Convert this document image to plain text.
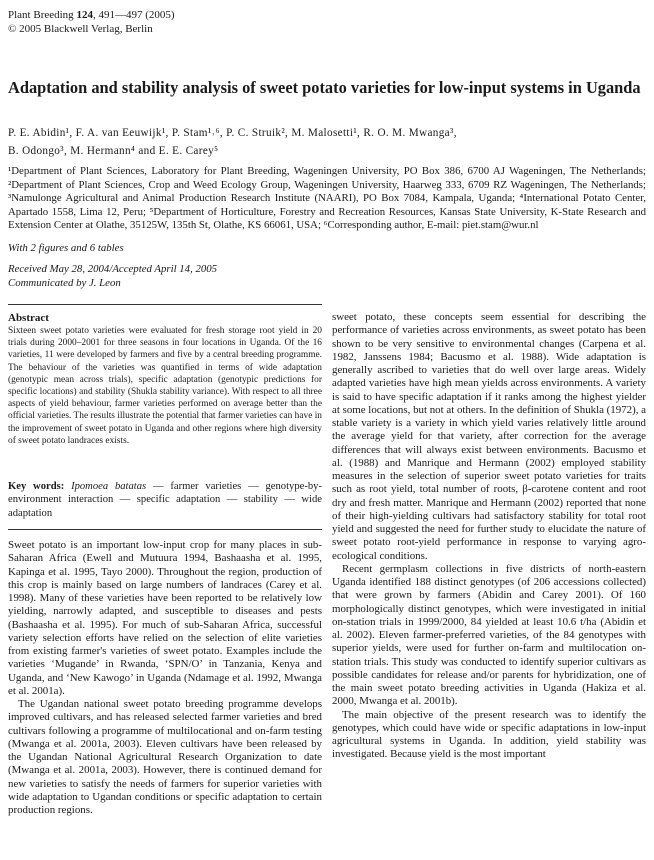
Plant Breeding 124, 491—497 (2005)
© 2005 Blackwell Verlag, Berlin
Adaptation and stability analysis of sweet potato varieties for low-input systems in Uganda
P. E. Abidin¹, F. A. van Eeuwijk¹, P. Stam¹˒⁶, P. C. Struik², M. Malosetti¹, R. O. M. Mwanga³,
B. Odongo³, M. Hermann⁴ and E. E. Carey⁵
¹Department of Plant Sciences, Laboratory for Plant Breeding, Wageningen University, PO Box 386, 6700 AJ Wageningen, The Netherlands; ²Department of Plant Sciences, Crop and Weed Ecology Group, Wageningen University, Haarweg 333, 6709 RZ Wageningen, The Netherlands; ³Namulonge Agricultural and Animal Production Research Institute (NAARI), PO Box 7084, Kampala, Uganda; ⁴International Potato Center, Apartado 1558, Lima 12, Peru; ⁵Department of Horticulture, Forestry and Recreation Resources, Kansas State University, K-State Research and Extension Center at Olathe, 35125W, 135th St, Olathe, KS 66061, USA; ⁶Corresponding author, E-mail: piet.stam@wur.nl
With 2 figures and 6 tables
Received May 28, 2004/Accepted April 14, 2005
Communicated by J. Leon
Abstract
Sixteen sweet potato varieties were evaluated for fresh storage root yield in 20 trials during 2000–2001 for three seasons in four locations in Uganda. Of the 16 varieties, 11 were developed by farmers and five by a central breeding programme. The behaviour of the varieties was quantified in terms of wide adaptation (genotypic mean across trials), specific adaptation (genotypic predictions for specific locations) and stability (Shukla stability variance). With respect to all three aspects of yield behaviour, farmer varieties performed on average better than the official varieties. The results illustrate the potential that farmer varieties can have in the improvement of sweet potato in Uganda and other regions where high diversity of sweet potato landraces exists.
Key words: Ipomoea batatas — farmer varieties — genotype-by-environment interaction — specific adaptation — stability — wide adaptation

Sweet potato is an important low-input crop for many places in sub-Saharan Africa (Ewell and Mutuura 1994, Bashaasha et al. 1995, Kapinga et al. 1995, Tayo 2000). Throughout the region, production of this crop is mainly based on large numbers of landraces (Carey et al. 1998). Many of these varieties have been reported to be relatively low yielding, narrowly adapted, and susceptible to diseases and pests (Bashaasha et al. 1995). For much of sub-Saharan Africa, successful variety selection efforts have relied on the selection of elite varieties from existing farmer's varieties of sweet potato. Examples include the varieties ‘Mugande’ in Rwanda, ‘SPN/O’ in Tanzania, Kenya and Uganda, and ‘New Kawogo’ in Uganda (Ndamage et al. 1992, Mwanga et al. 2001a).

The Ugandan national sweet potato breeding programme develops improved cultivars, and has released selected farmer varieties and bred cultivars following a programme of multilocational and on-farm testing (Mwanga et al. 2001a, 2003). Eleven cultivars have been released by the Ugandan National Agricultural Research Organization to date (Mwanga et al. 2001a, 2003). However, there is continued demand for new varieties to satisfy the needs of farmers for superior varieties with wide adaptation to Ugandan conditions or specific adaptation to certain production regions.

sweet potato, these concepts seem essential for describing the performance of varieties across environments, as sweet potato has been shown to be very sensitive to environmental changes (Carpena et al. 1982, Janssens 1984; Bacusmo et al. 1988). Wide adaptation is generally ascribed to varieties that do well over large areas. Widely adapted varieties have high mean yields across environments. A variety is said to have specific adaptation if it ranks among the highest yielder at some locations, but not at others. In the definition of Shukla (1972), a stable variety is a variety in which yield varies relatively little around the average yield for that variety, after correction for the average differences that will always exist between environments. Bacusmo et al. (1988) and Manrique and Hermann (2002) employed stability measures in the selection of superior sweet potato varieties for traits such as root yield, total number of roots, β-carotene content and root dry and fresh matter. Manrique and Hermann (2002) reported that none of their high-yielding cultivars had satisfactory stability for total root yield and suggested the need for further study to elucidate the nature of sweet potato root-yield performance in response to varying agro-ecological conditions.

Recent germplasm collections in five districts of north-eastern Uganda identified 188 distinct genotypes (of 206 accessions collected) that were grown by farmers (Abidin and Carey 2001). Of 160 morphologically distinct genotypes, which were investigated in initial on-station trials in 1999/2000, 84 yielded at least 10.6 t/ha (Abidin et al. 2002). Eleven farmer-preferred varieties, of the 84 genotypes with superior yields, were used for further on-farm and multilocation on-station trials. This study was conducted to identify superior cultivars as possible candidates for release and/or parents for hybridization, one of the main sweet potato breeding activities in Uganda (Hakiza et al. 2000, Mwanga et al. 2001b).

The main objective of the present research was to identify the genotypes, which could have wide or specific adaptations in low-input agricultural systems in Uganda. In addition, yield stability was investigated. Because yield is the most important
